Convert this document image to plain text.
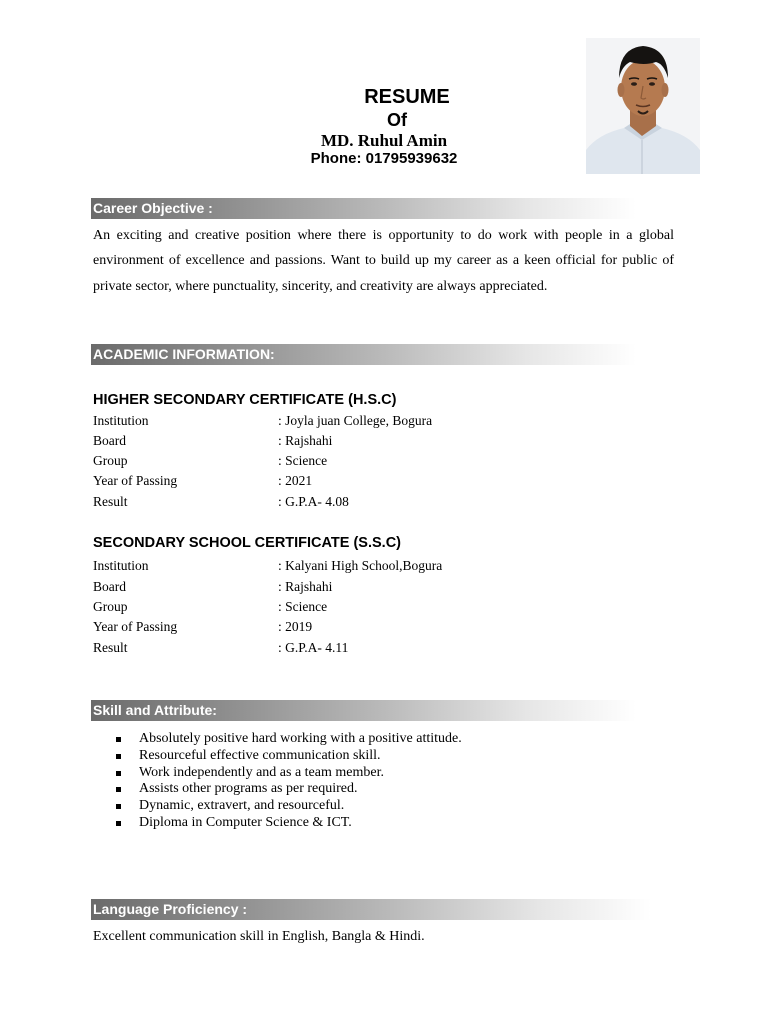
RESUME
Of
MD. Ruhul Amin
Phone: 01795939632
Career Objective :
An exciting and creative position where there is opportunity to do work with people in a global environment of excellence and passions. Want to build up my career as a keen official for public of private sector, where punctuality, sincerity, and creativity are always appreciated.
ACADEMIC INFORMATION:
HIGHER SECONDARY CERTIFICATE (H.S.C)
Institution	: Joyla juan College, Bogura
Board	: Rajshahi
Group	: Science
Year of Passing	: 2021
Result	: G.P.A- 4.08
SECONDARY SCHOOL CERTIFICATE (S.S.C)
Institution	: Kalyani High School,Bogura
Board	: Rajshahi
Group	: Science
Year of Passing	: 2019
Result	: G.P.A- 4.11
Skill and Attribute:
Absolutely positive hard working with a positive attitude.
Resourceful effective communication skill.
Work independently and as a team member.
Assists other programs as per required.
Dynamic, extravert, and resourceful.
Diploma in Computer Science & ICT.
Language Proficiency :
Excellent communication skill in English, Bangla & Hindi.
